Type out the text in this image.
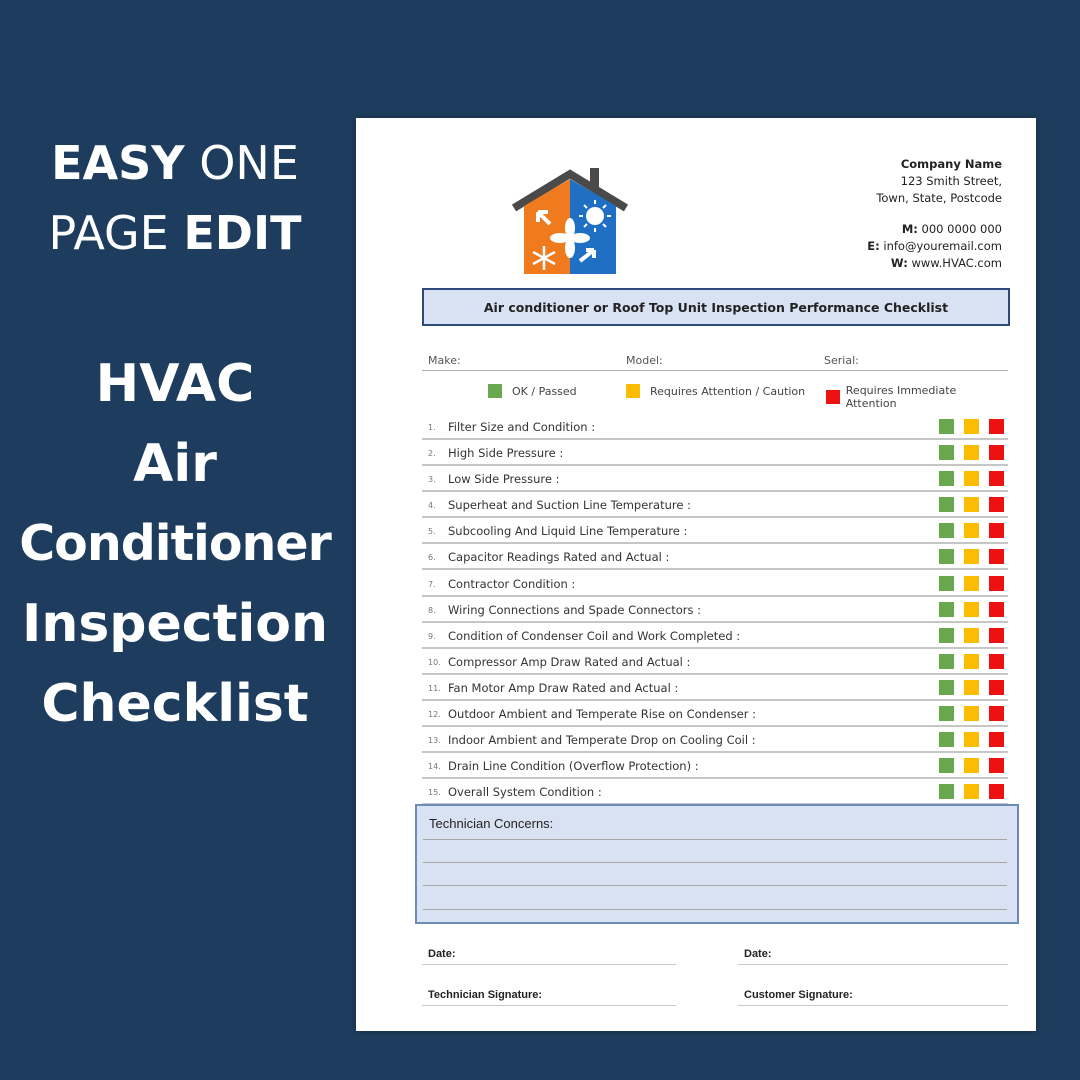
EASY ONE
PAGE EDIT
HVAC
Air
Conditioner
Inspection
Checklist
Company Name
123 Smith Street,
Town, State, Postcode
M: 000 0000 000
E: info@youremail.com
W: www.HVAC.com
Air conditioner or Roof Top Unit Inspection Performance Checklist
Make:	Model:	Serial:
OK / Passed	Requires Attention / Caution	Requires Immediate Attention
1.	Filter Size and Condition :
2.	High Side Pressure :
3.	Low Side Pressure :
4.	Superheat and Suction Line Temperature :
5.	Subcooling And Liquid Line Temperature :
6.	Capacitor Readings Rated and Actual :
7.	Contractor Condition :
8.	Wiring Connections and Spade Connectors :
9.	Condition of Condenser Coil and Work Completed :
10. Compressor Amp Draw Rated and Actual :
11. Fan Motor Amp Draw Rated and Actual :
12. Outdoor Ambient and Temperate Rise on Condenser :
13. Indoor Ambient and Temperate Drop on Cooling Coil :
14. Drain Line Condition (Overflow Protection) :
15. Overall System Condition :
Technician Concerns:
Date:	Date:
Technician Signature:	Customer Signature:
